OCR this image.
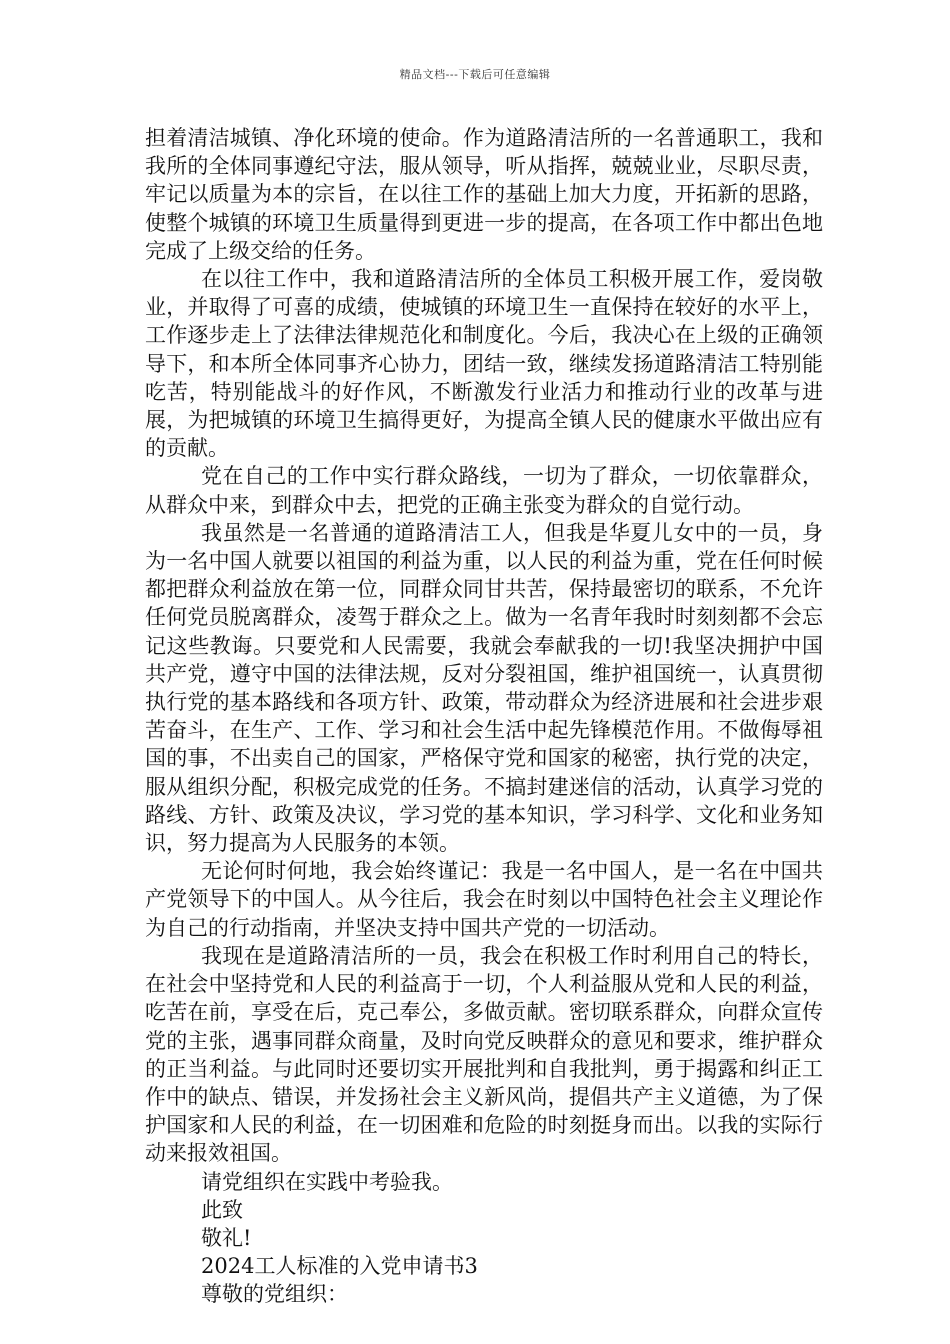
精品文档---下载后可任意编辑

担着清洁城镇、净化环境的使命。作为道路清洁所的一名普通职工，我和我所的全体同事遵纪守法，服从领导，听从指挥，兢兢业业，尽职尽责，牢记以质量为本的宗旨，在以往工作的基础上加大力度，开拓新的思路，使整个城镇的环境卫生质量得到更进一步的提高，在各项工作中都出色地完成了上级交给的任务。

在以往工作中，我和道路清洁所的全体员工积极开展工作，爱岗敬业，并取得了可喜的成绩，使城镇的环境卫生一直保持在较好的水平上，工作逐步走上了法律法律规范化和制度化。今后，我决心在上级的正确领导下，和本所全体同事齐心协力，团结一致，继续发扬道路清洁工特别能吃苦，特别能战斗的好作风，不断激发行业活力和推动行业的改革与进展，为把城镇的环境卫生搞得更好，为提高全镇人民的健康水平做出应有的贡献。

党在自己的工作中实行群众路线，一切为了群众，一切依靠群众，从群众中来，到群众中去，把党的正确主张变为群众的自觉行动。

我虽然是一名普通的道路清洁工人，但我是华夏儿女中的一员，身为一名中国人就要以祖国的利益为重，以人民的利益为重，党在任何时候都把群众利益放在第一位，同群众同甘共苦，保持最密切的联系，不允许任何党员脱离群众，凌驾于群众之上。做为一名青年我时时刻刻都不会忘记这些教诲。只要党和人民需要，我就会奉献我的一切!我坚决拥护中国共产党，遵守中国的法律法规，反对分裂祖国，维护祖国统一，认真贯彻执行党的基本路线和各项方针、政策，带动群众为经济进展和社会进步艰苦奋斗，在生产、工作、学习和社会生活中起先锋模范作用。不做侮辱祖国的事，不出卖自己的国家，严格保守党和国家的秘密，执行党的决定，服从组织分配，积极完成党的任务。不搞封建迷信的活动，认真学习党的路线、方针、政策及决议，学习党的基本知识，学习科学、文化和业务知识，努力提高为人民服务的本领。

无论何时何地，我会始终谨记：我是一名中国人，是一名在中国共产党领导下的中国人。从今往后，我会在时刻以中国特色社会主义理论作为自己的行动指南，并坚决支持中国共产党的一切活动。

我现在是道路清洁所的一员，我会在积极工作时利用自己的特长，在社会中坚持党和人民的利益高于一切，个人利益服从党和人民的利益，吃苦在前，享受在后，克己奉公，多做贡献。密切联系群众，向群众宣传党的主张，遇事同群众商量，及时向党反映群众的意见和要求，维护群众的正当利益。与此同时还要切实开展批判和自我批判，勇于揭露和纠正工作中的缺点、错误，并发扬社会主义新风尚，提倡共产主义道德，为了保护国家和人民的利益，在一切困难和危险的时刻挺身而出。以我的实际行动来报效祖国。

请党组织在实践中考验我。

此致

敬礼!

2024工人标准的入党申请书3

尊敬的党组织：
